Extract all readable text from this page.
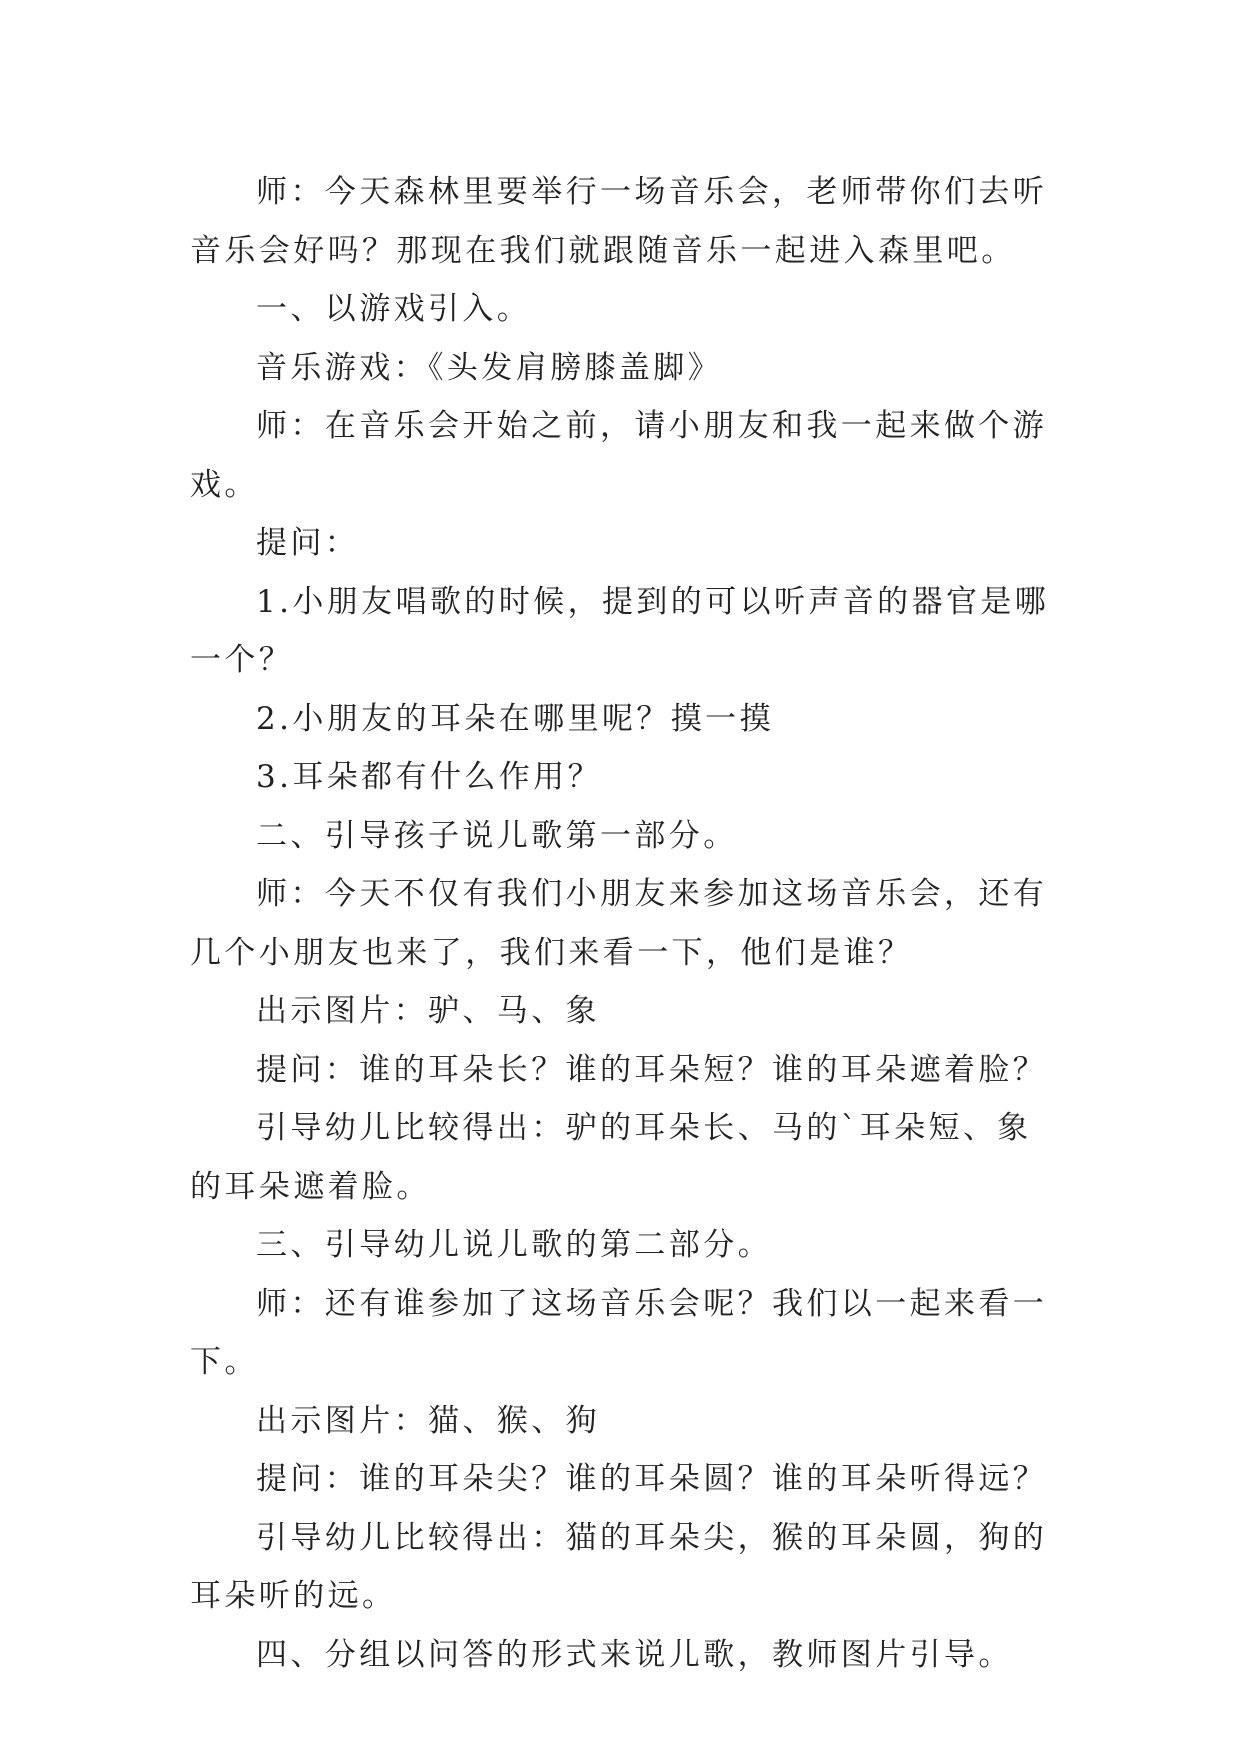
师：今天森林里要举行一场音乐会，老师带你们去听音乐会好吗？那现在我们就跟随音乐一起进入森里吧。

一、以游戏引入。

音乐游戏：《头发肩膀膝盖脚》

师：在音乐会开始之前，请小朋友和我一起来做个游戏。

提问：

1.小朋友唱歌的时候，提到的可以听声音的器官是哪一个？

2.小朋友的耳朵在哪里呢？摸一摸

3.耳朵都有什么作用？

二、引导孩子说儿歌第一部分。

师：今天不仅有我们小朋友来参加这场音乐会，还有几个小朋友也来了，我们来看一下，他们是谁？

出示图片：驴、马、象

提问：谁的耳朵长？谁的耳朵短？谁的耳朵遮着脸？

引导幼儿比较得出：驴的耳朵长、马的`耳朵短、象的耳朵遮着脸。

三、引导幼儿说儿歌的第二部分。

师：还有谁参加了这场音乐会呢？我们以一起来看一下。

出示图片：猫、猴、狗

提问：谁的耳朵尖？谁的耳朵圆？谁的耳朵听得远？

引导幼儿比较得出：猫的耳朵尖，猴的耳朵圆，狗的耳朵听的远。

四、分组以问答的形式来说儿歌，教师图片引导。
